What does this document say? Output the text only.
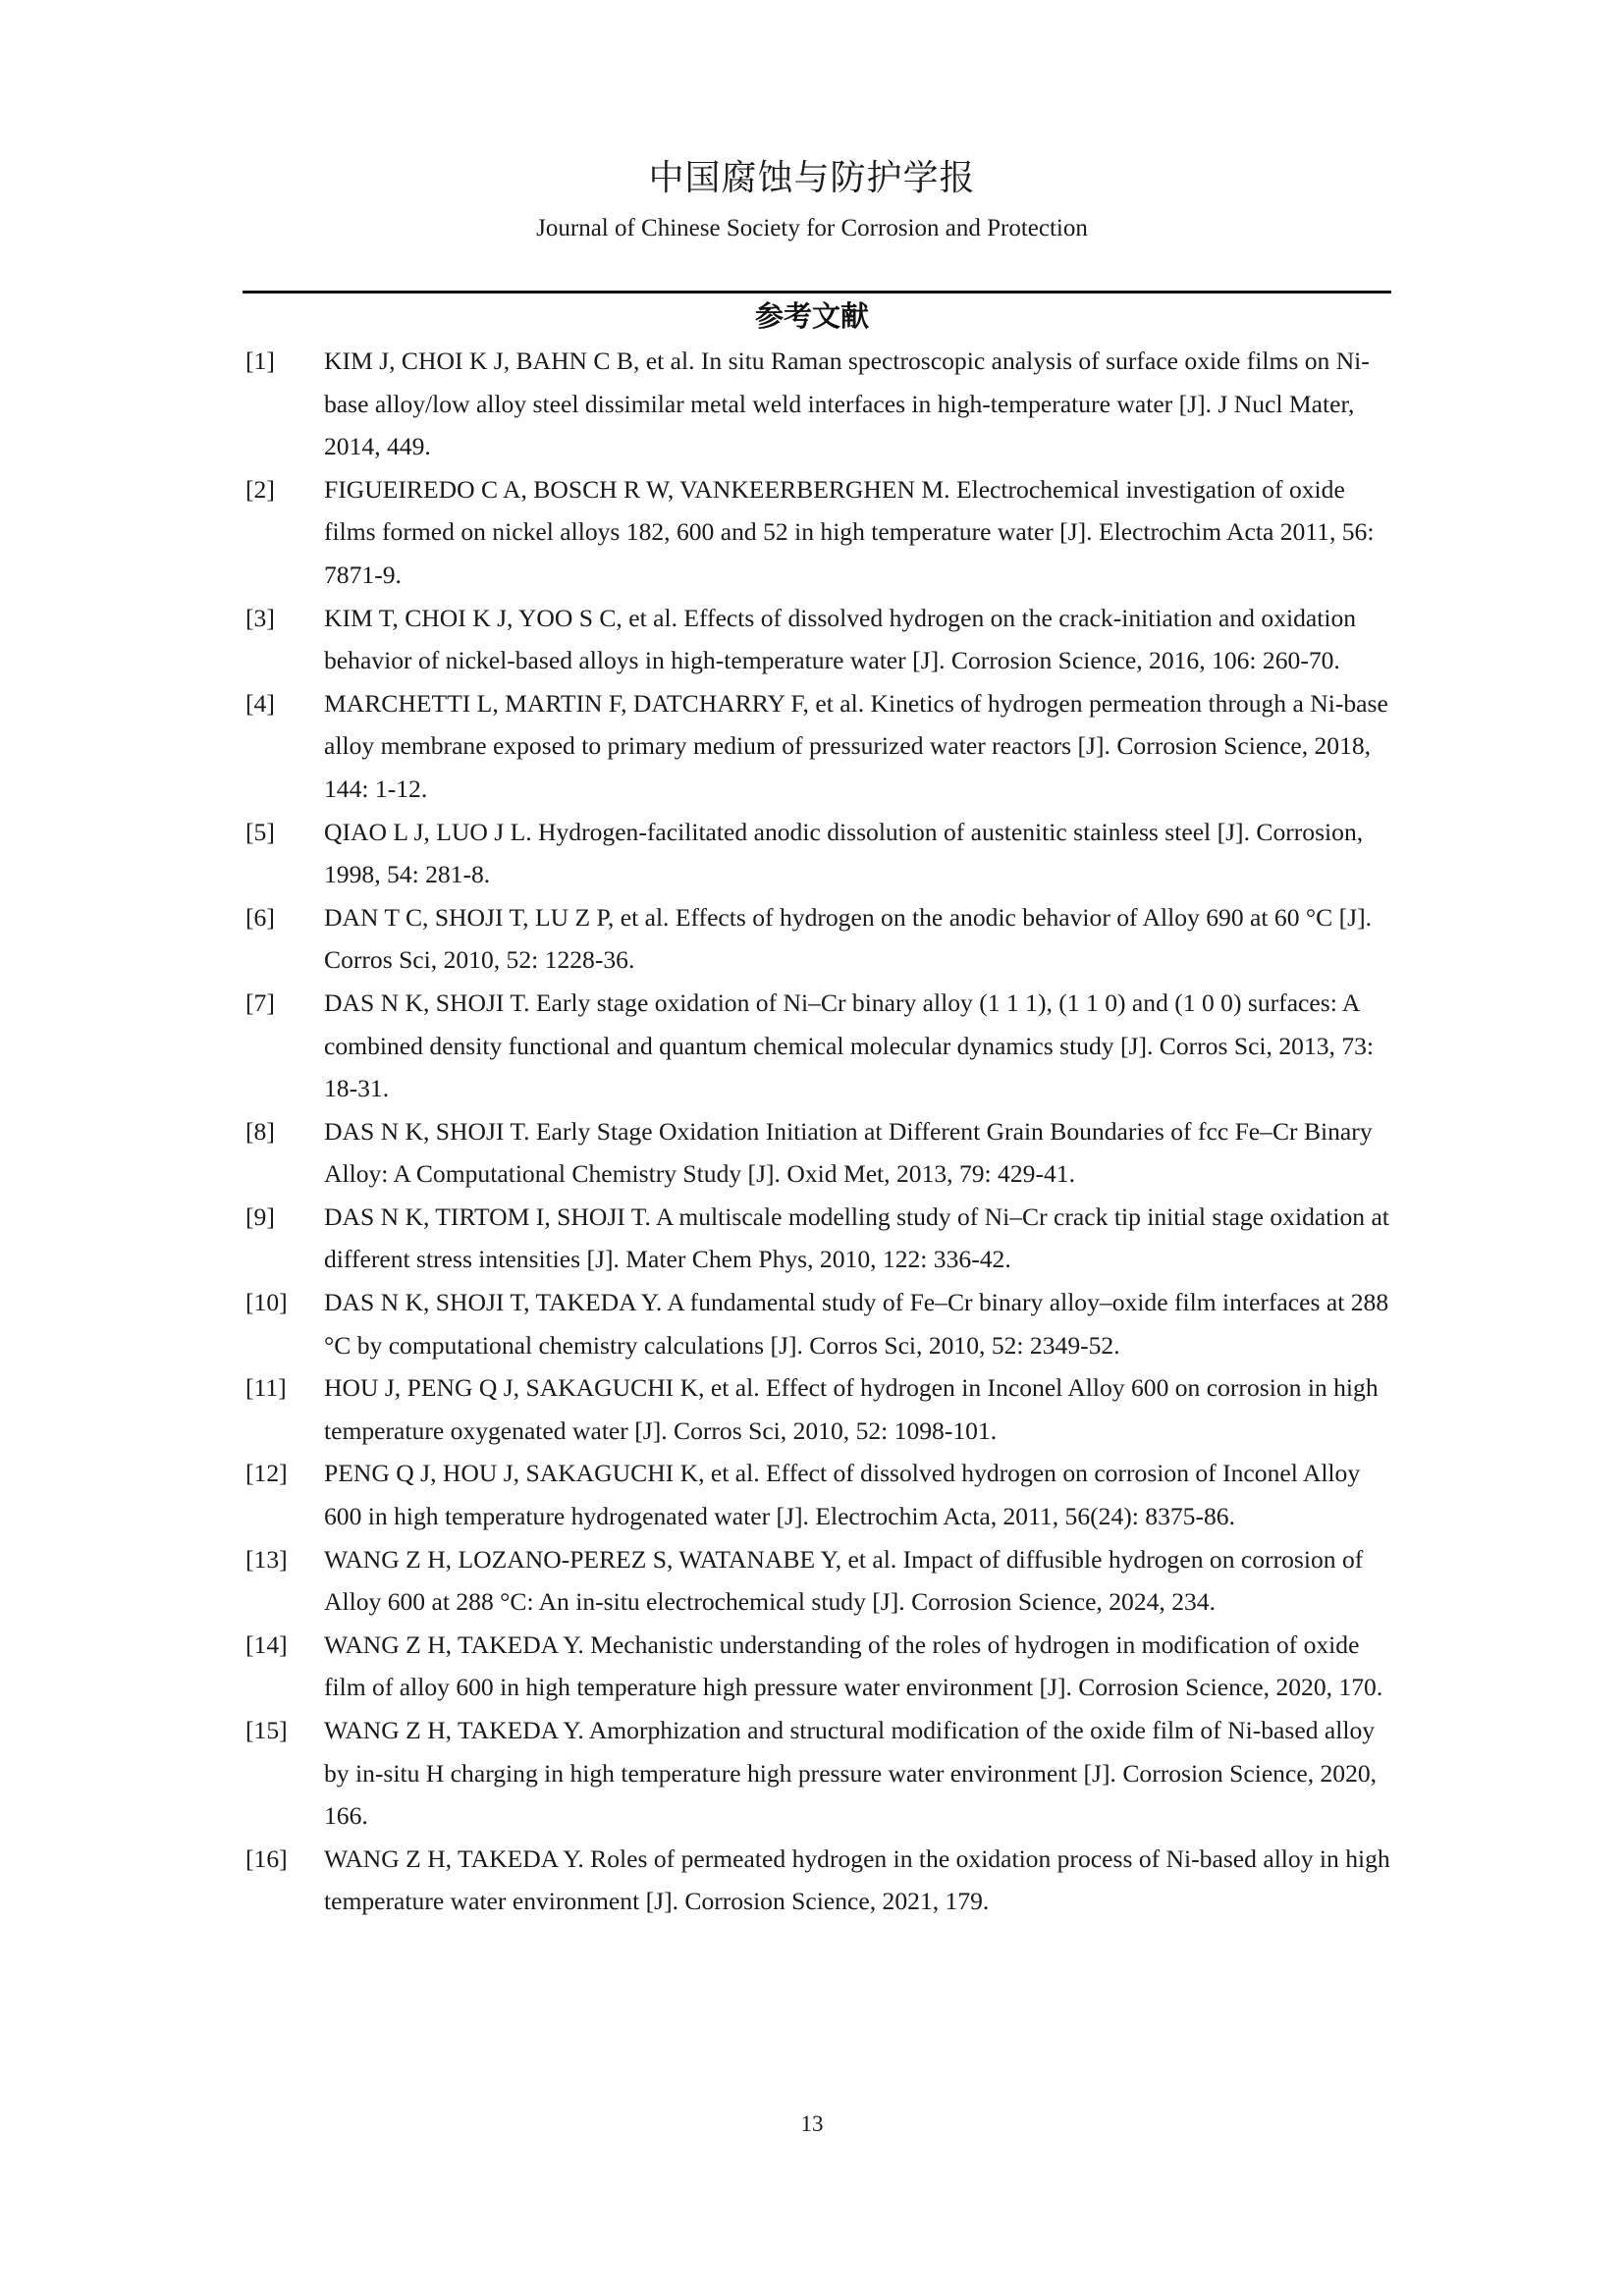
中国腐蚀与防护学报
Journal of Chinese Society for Corrosion and Protection
参考文献
[1] KIM J, CHOI K J, BAHN C B, et al. In situ Raman spectroscopic analysis of surface oxide films on Ni-base alloy/low alloy steel dissimilar metal weld interfaces in high-temperature water [J]. J Nucl Mater, 2014, 449.
[2] FIGUEIREDO C A, BOSCH R W, VANKEERBERGHEN M. Electrochemical investigation of oxide films formed on nickel alloys 182, 600 and 52 in high temperature water [J]. Electrochim Acta 2011, 56: 7871-9.
[3] KIM T, CHOI K J, YOO S C, et al. Effects of dissolved hydrogen on the crack-initiation and oxidation behavior of nickel-based alloys in high-temperature water [J]. Corrosion Science, 2016, 106: 260-70.
[4] MARCHETTI L, MARTIN F, DATCHARRY F, et al. Kinetics of hydrogen permeation through a Ni-base alloy membrane exposed to primary medium of pressurized water reactors [J]. Corrosion Science, 2018, 144: 1-12.
[5] QIAO L J, LUO J L. Hydrogen-facilitated anodic dissolution of austenitic stainless steel [J]. Corrosion, 1998, 54: 281-8.
[6] DAN T C, SHOJI T, LU Z P, et al. Effects of hydrogen on the anodic behavior of Alloy 690 at 60 °C [J]. Corros Sci, 2010, 52: 1228-36.
[7] DAS N K, SHOJI T. Early stage oxidation of Ni–Cr binary alloy (1 1 1), (1 1 0) and (1 0 0) surfaces: A combined density functional and quantum chemical molecular dynamics study [J]. Corros Sci, 2013, 73: 18-31.
[8] DAS N K, SHOJI T. Early Stage Oxidation Initiation at Different Grain Boundaries of fcc Fe–Cr Binary Alloy: A Computational Chemistry Study [J]. Oxid Met, 2013, 79: 429-41.
[9] DAS N K, TIRTOM I, SHOJI T. A multiscale modelling study of Ni–Cr crack tip initial stage oxidation at different stress intensities [J]. Mater Chem Phys, 2010, 122: 336-42.
[10] DAS N K, SHOJI T, TAKEDA Y. A fundamental study of Fe–Cr binary alloy–oxide film interfaces at 288 °C by computational chemistry calculations [J]. Corros Sci, 2010, 52: 2349-52.
[11] HOU J, PENG Q J, SAKAGUCHI K, et al. Effect of hydrogen in Inconel Alloy 600 on corrosion in high temperature oxygenated water [J]. Corros Sci, 2010, 52: 1098-101.
[12] PENG Q J, HOU J, SAKAGUCHI K, et al. Effect of dissolved hydrogen on corrosion of Inconel Alloy 600 in high temperature hydrogenated water [J]. Electrochim Acta, 2011, 56(24): 8375-86.
[13] WANG Z H, LOZANO-PEREZ S, WATANABE Y, et al. Impact of diffusible hydrogen on corrosion of Alloy 600 at 288 °C: An in-situ electrochemical study [J]. Corrosion Science, 2024, 234.
[14] WANG Z H, TAKEDA Y. Mechanistic understanding of the roles of hydrogen in modification of oxide film of alloy 600 in high temperature high pressure water environment [J]. Corrosion Science, 2020, 170.
[15] WANG Z H, TAKEDA Y. Amorphization and structural modification of the oxide film of Ni-based alloy by in-situ H charging in high temperature high pressure water environment [J]. Corrosion Science, 2020, 166.
[16] WANG Z H, TAKEDA Y. Roles of permeated hydrogen in the oxidation process of Ni-based alloy in high temperature water environment [J]. Corrosion Science, 2021, 179.
13
